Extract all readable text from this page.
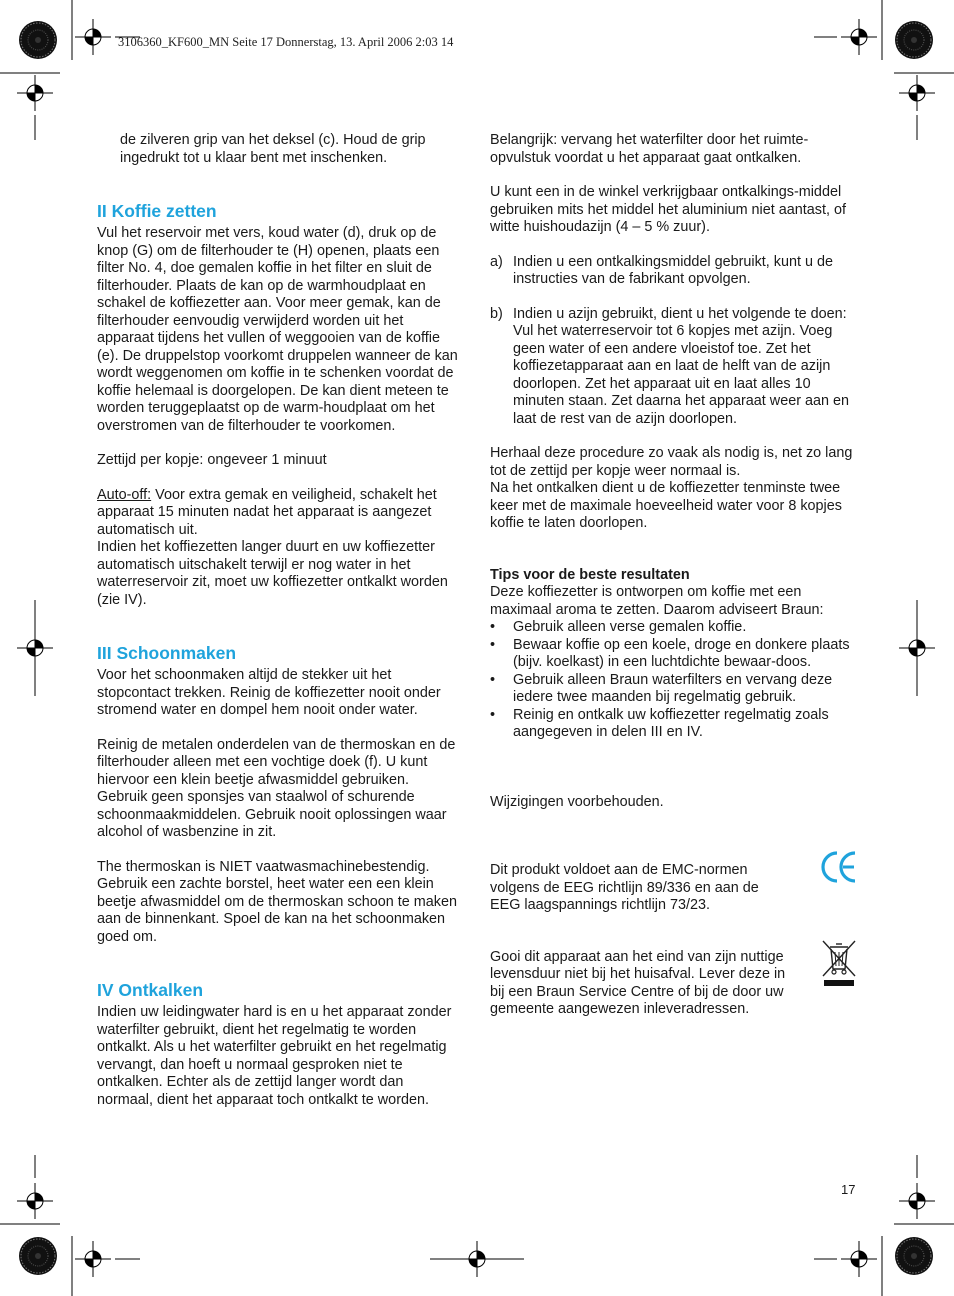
3106360_KF600_MN Seite 17 Donnerstag, 13. April 2006 2:03 14

de zilveren grip van het deksel (c). Houd de grip ingedrukt tot u klaar bent met inschenken.

II Koffie zetten

Vul het reservoir met vers, koud water (d), druk op de knop (G) om de filterhouder te (H) openen, plaats een filter No. 4, doe gemalen koffie in het filter en sluit de filterhouder. Plaats de kan op de warmhoudplaat en schakel de koffiezetter aan. Voor meer gemak, kan de filterhouder eenvoudig verwijderd worden uit het apparaat tijdens het vullen of weggooien van de koffie (e). De druppelstop voorkomt druppelen wanneer de kan wordt weggenomen om koffie in te schenken voordat de koffie helemaal is doorgelopen. De kan dient meteen te worden teruggeplaatst op de warm-houdplaat om het overstromen van de filterhouder te voorkomen.

Zettijd per kopje: ongeveer 1 minuut

Auto-off: Voor extra gemak en veiligheid, schakelt het apparaat 15 minuten nadat het apparaat is aangezet automatisch uit.

Indien het koffiezetten langer duurt en uw koffiezetter automatisch uitschakelt terwijl er nog water in het waterreservoir zit, moet uw koffiezetter ontkalkt worden (zie IV).

III Schoonmaken

Voor het schoonmaken altijd de stekker uit het stopcontact trekken. Reinig de koffiezetter nooit onder stromend water en dompel hem nooit onder water.

Reinig de metalen onderdelen van de thermoskan en de filterhouder alleen met een vochtige doek (f). U kunt hiervoor een klein beetje afwasmiddel gebruiken. Gebruik geen sponsjes van staalwol of schurende schoonmaakmiddelen. Gebruik nooit oplossingen waar alcohol of wasbenzine in zit.

The thermoskan is NIET vaatwasmachinebestendig. Gebruik een zachte borstel, heet water een een klein beetje afwasmiddel om de thermoskan schoon te maken aan de binnenkant. Spoel de kan na het schoonmaken goed om.

IV Ontkalken

Indien uw leidingwater hard is en u het apparaat zonder waterfilter gebruikt, dient het regelmatig te worden ontkalkt. Als u het waterfilter gebruikt en het regelmatig vervangt, dan hoeft u normaal gesproken niet te ontkalken. Echter als de zettijd langer wordt dan normaal, dient het apparaat toch ontkalkt te worden.

Belangrijk: vervang het waterfilter door het ruimte-opvulstuk voordat u het apparaat gaat ontkalken.

U kunt een in de winkel verkrijgbaar ontkalkings-middel gebruiken mits het middel het aluminium niet aantast, of witte huishoudazijn (4 – 5 % zuur).

a) Indien u een ontkalkingsmiddel gebruikt, kunt u de instructies van de fabrikant opvolgen.
b) Indien u azijn gebruikt, dient u het volgende te doen: Vul het waterreservoir tot 6 kopjes met azijn. Voeg geen water of een andere vloeistof toe. Zet het koffiezetapparaat aan en laat de helft van de azijn doorlopen. Zet het apparaat uit en laat alles 10 minuten staan. Zet daarna het apparaat weer aan en laat de rest van de azijn doorlopen.

Herhaal deze procedure zo vaak als nodig is, net zo lang tot de zettijd per kopje weer normaal is.

Na het ontkalken dient u de koffiezetter tenminste twee keer met de maximale hoeveelheid water voor 8 kopjes koffie te laten doorlopen.

Tips voor de beste resultaten

Deze koffiezetter is ontworpen om koffie met een maximaal aroma te zetten. Daarom adviseert Braun:

• Gebruik alleen verse gemalen koffie.
• Bewaar koffie op een koele, droge en donkere plaats (bijv. koelkast) in een luchtdichte bewaar-doos.
• Gebruik alleen Braun waterfilters en vervang deze iedere twee maanden bij regelmatig gebruik.
• Reinig en ontkalk uw koffiezetter regelmatig zoals aangegeven in delen III en IV.

Wijzigingen voorbehouden.

Dit produkt voldoet aan de EMC-normen volgens de EEG richtlijn 89/336 en aan de EEG laagspannings richtlijn 73/23.

Gooi dit apparaat aan het eind van zijn nuttige levensduur niet bij het huisafval. Lever deze in bij een Braun Service Centre of bij de door uw gemeente aangewezen inleveradressen.

17
